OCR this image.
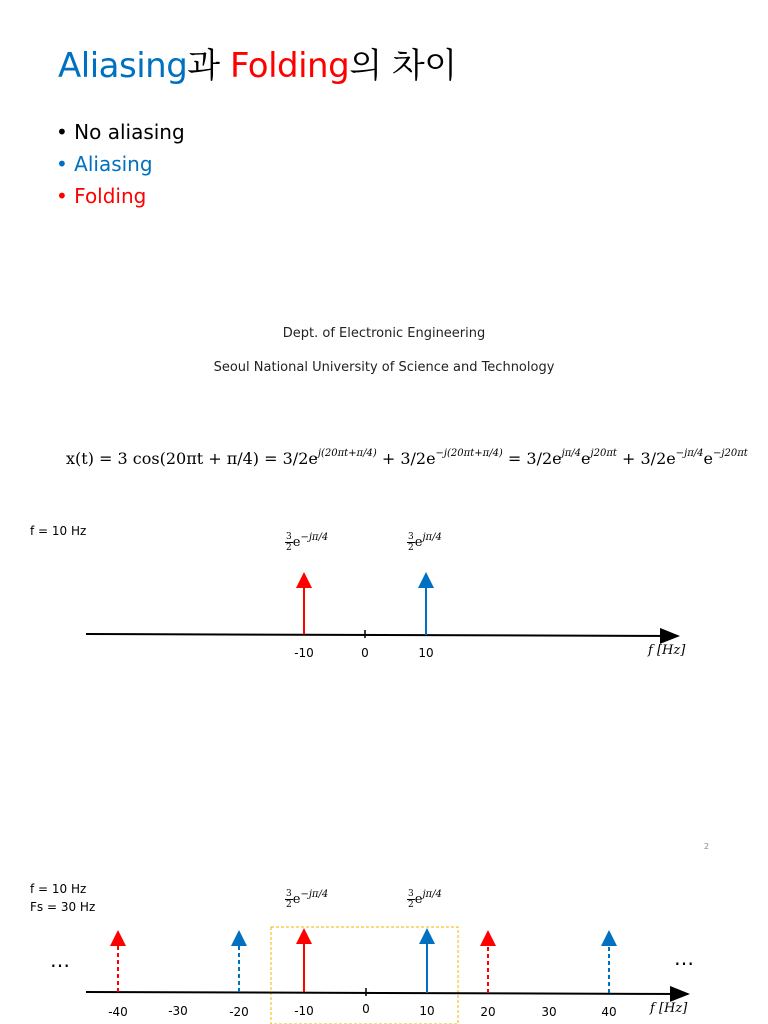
Aliasing과 Folding의 차이
• No aliasing
• Aliasing
• Folding
Dept. of Electronic Engineering
Seoul National University of Science and Technology
x(t) = 3 $\cos(20\pi t + \pi/4) = 3/2e^{j(20\pi t+\pi/4)} + 3/2e^{-j(20\pi t+\pi/4)} = 3/2e^{j\pi/4}e^{j20\pi t} + 3/2e^{-j\pi/4}e^{-j20\pi t}$
f = 10 Hz
$\frac{3}{2} e^{-j\pi/4}$	$\frac{3}{2} e^{j\pi/4}$
-10	0	10	f [Hz]
2
f = 10 Hz
Fs = 30 Hz	$\frac{3}{2} e^{-j\pi/4}$	$\frac{3}{2} e^{j\pi/4}$
…	…
-40	-30	-20	-10	0	10	20	30	40	f [Hz]
